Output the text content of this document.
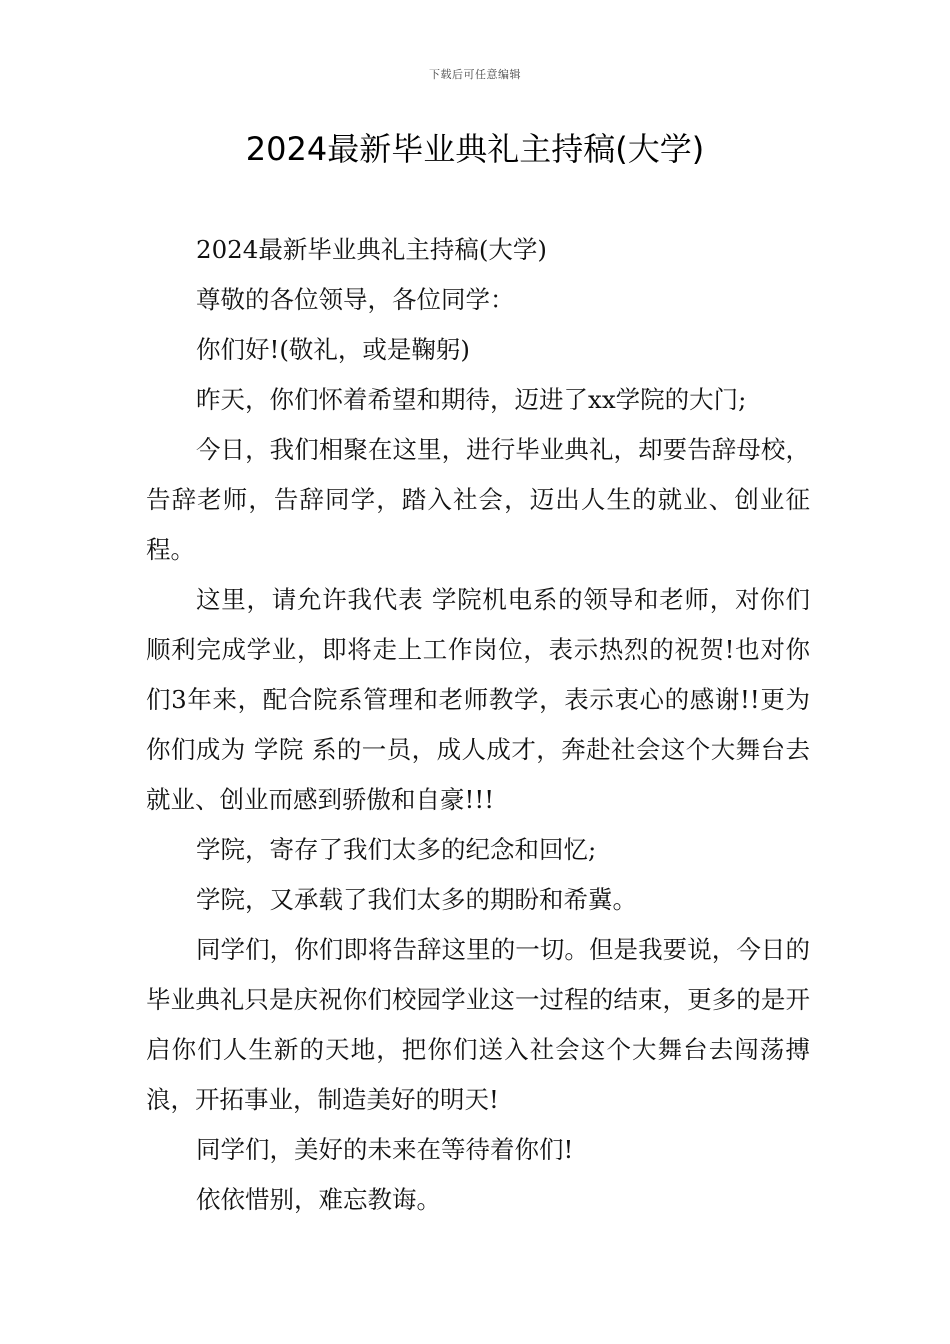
下载后可任意编辑
2024最新毕业典礼主持稿(大学)

2024最新毕业典礼主持稿(大学)

尊敬的各位领导，各位同学：

你们好!(敬礼，或是鞠躬)

昨天，你们怀着希望和期待，迈进了xx学院的大门;

今日，我们相聚在这里，进行毕业典礼，却要告辞母校，告辞老师，告辞同学，踏入社会，迈出人生的就业、创业征程。

这里，请允许我代表 学院机电系的领导和老师，对你们顺利完成学业，即将走上工作岗位，表示热烈的祝贺!也对你们3年来，配合院系管理和老师教学，表示衷心的感谢!!更为你们成为 学院 系的一员，成人成才，奔赴社会这个大舞台去就业、创业而感到骄傲和自豪!!!

学院，寄存了我们太多的纪念和回忆;

学院，又承载了我们太多的期盼和希冀。

同学们，你们即将告辞这里的一切。但是我要说，今日的毕业典礼只是庆祝你们校园学业这一过程的结束，更多的是开启你们人生新的天地，把你们送入社会这个大舞台去闯荡搏浪，开拓事业，制造美好的明天!

同学们，美好的未来在等待着你们!

依依惜别，难忘教诲。
